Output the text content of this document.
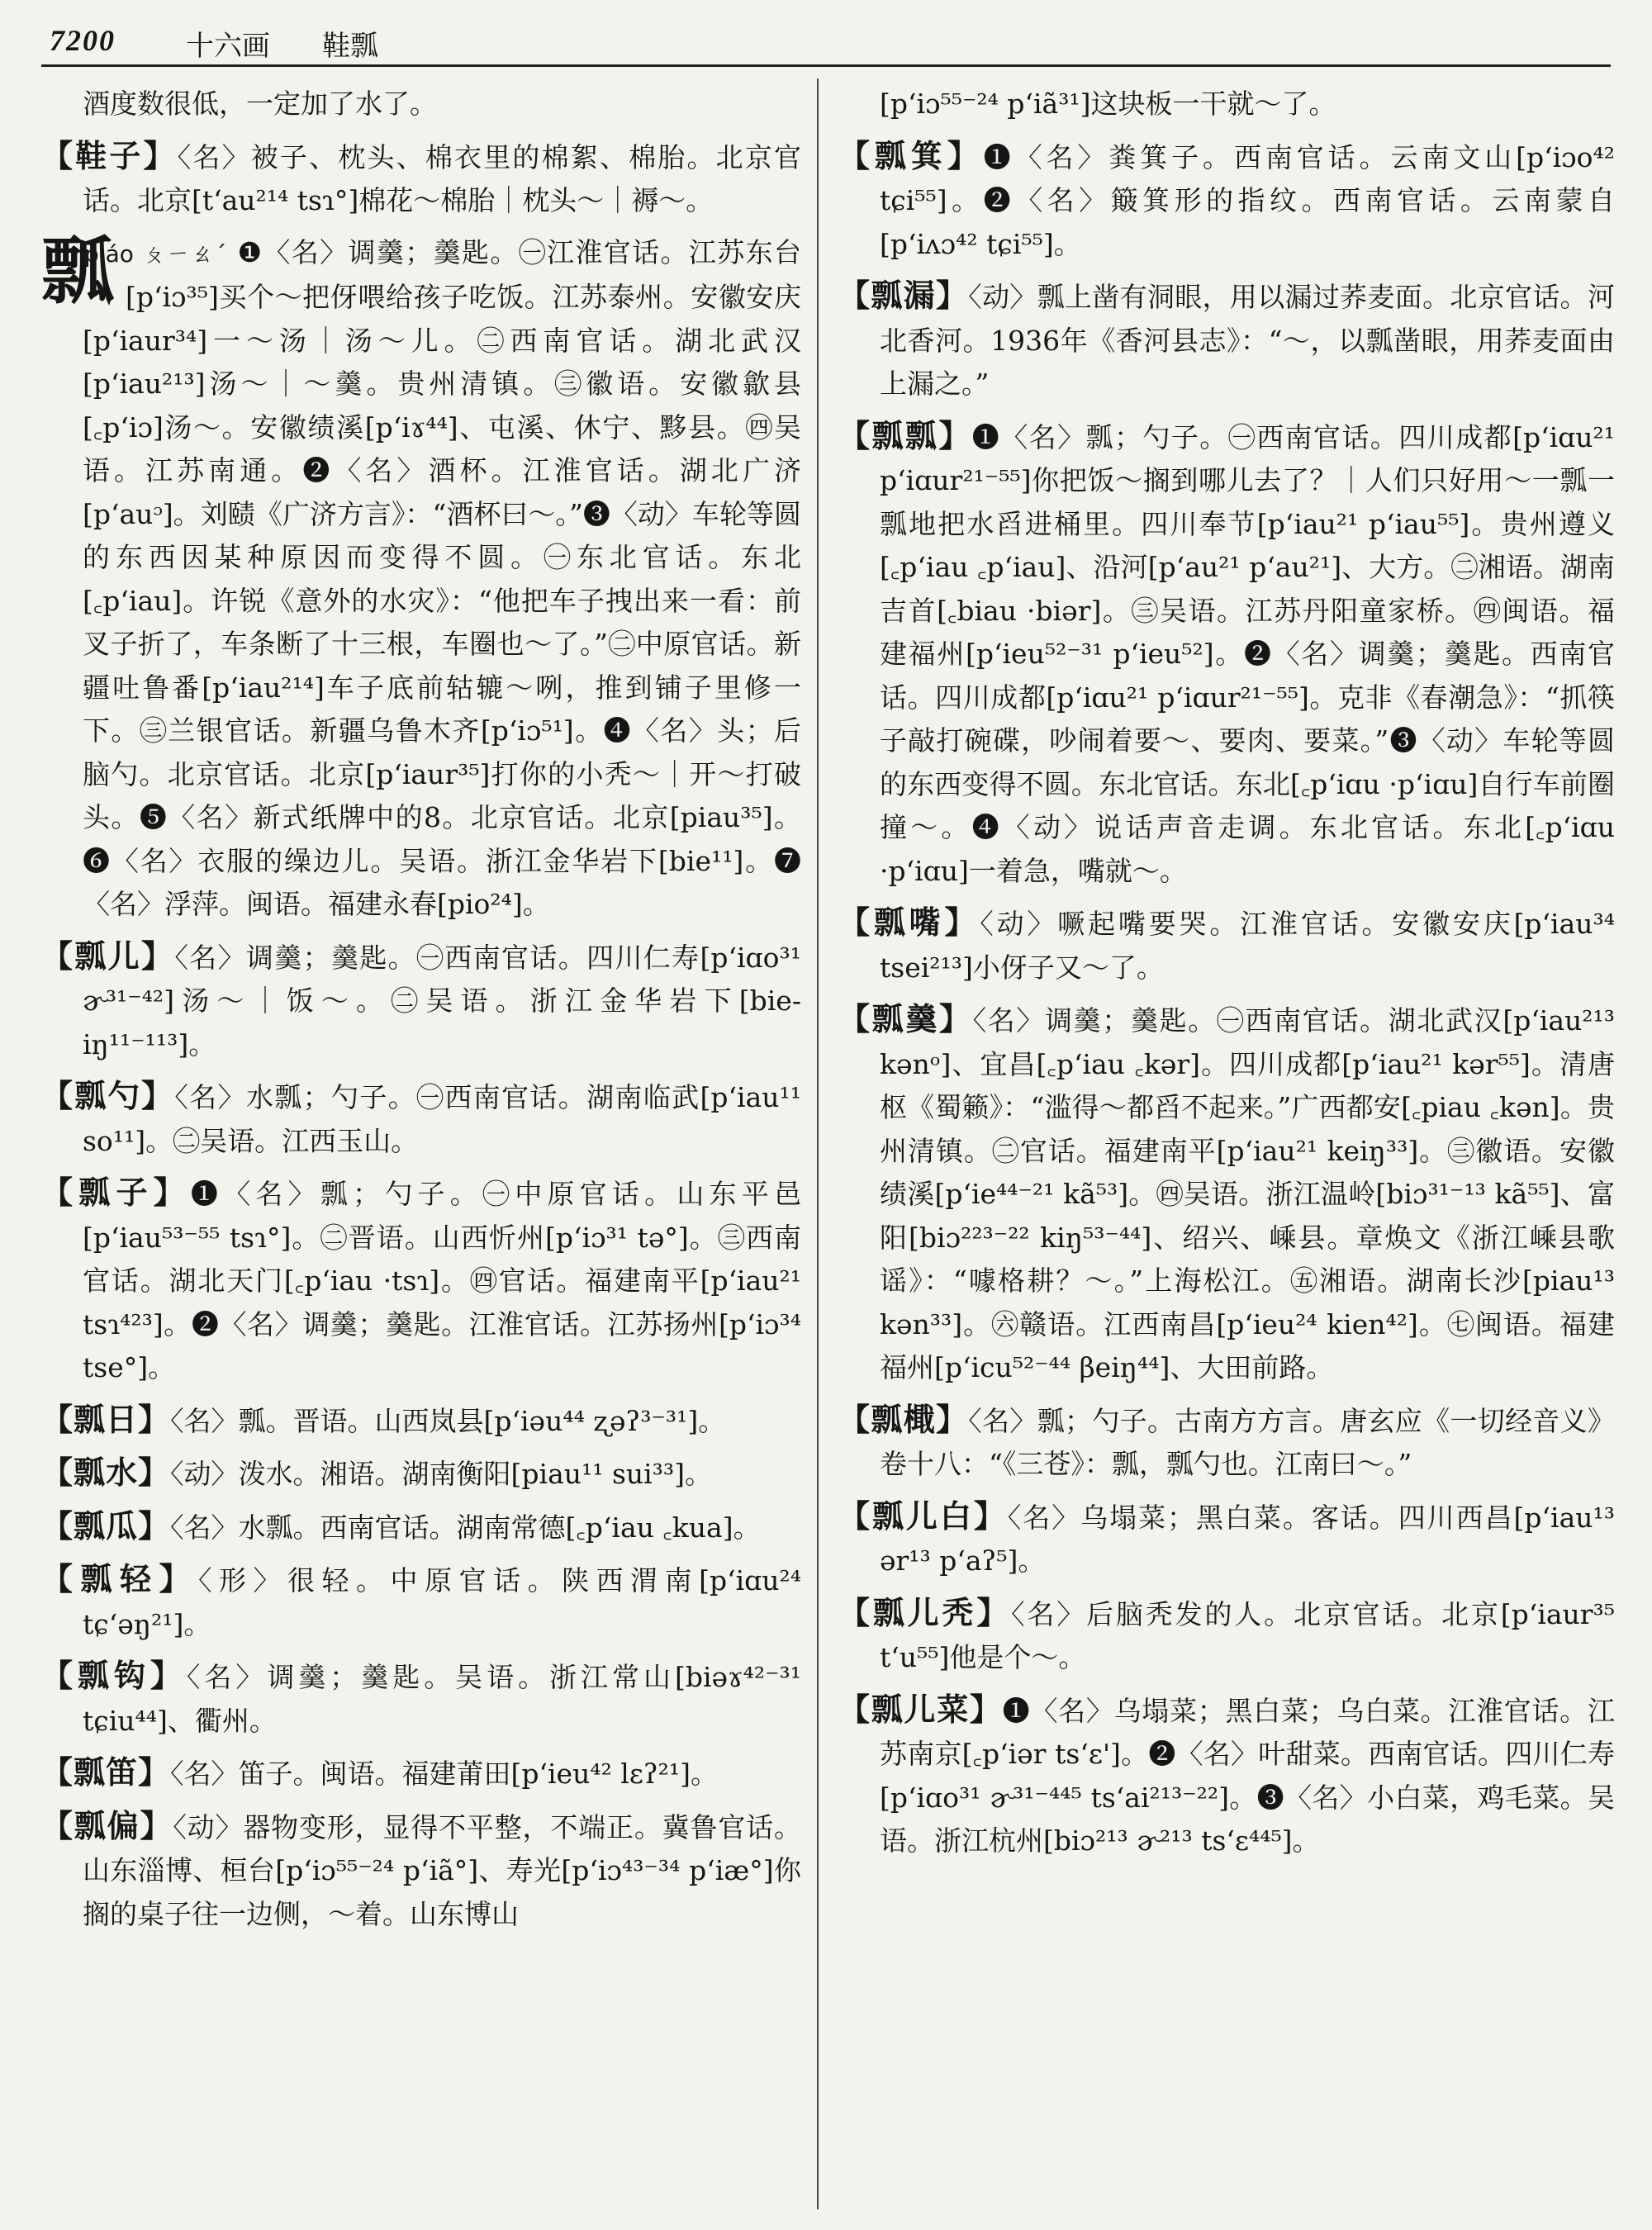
7200	十六画 鞋瓢

酒度数很低，一定加了水了。

【鞋子】〈名〉被子、枕头、棉衣里的棉絮、棉胎。北京官话。北京[tʻau²¹⁴ tsɿ°]棉花～棉胎｜枕头～｜褥～。

瓢
piáo ㄆㄧㄠˊ ❶〈名〉调羹；羹匙。㊀江淮官话。江苏东台[pʻiɔ³⁵]买个～把伢喂给孩子吃饭。江苏泰州。安徽安庆[pʻiaur³⁴]一～汤｜汤～儿。㊁西南官话。湖北武汉[pʻiau²¹³]汤～｜～羹。贵州清镇。㊂徽语。安徽歙县[꜀pʻiɔ]汤～。安徽绩溪[pʻiɤ⁴⁴]、屯溪、休宁、黟县。㊃吴语。江苏南通。❷〈名〉酒杯。江淮官话。湖北广济[pʻauᵓ]。刘赜《广济方言》：“酒杯曰～。”❸〈动〉车轮等圆的东西因某种原因而变得不圆。㊀东北官话。东北[꜀pʻiau]。许锐《意外的水灾》：“他把车子拽出来一看：前叉子折了，车条断了十三根，车圈也～了。”㊁中原官话。新疆吐鲁番[pʻiau²¹⁴]车子底前轱辘～咧，推到铺子里修一下。㊂兰银官话。新疆乌鲁木齐[pʻiɔ⁵¹]。❹〈名〉头；后脑勺。北京官话。北京[pʻiaur³⁵]打你的小秃～｜开～打破头。❺〈名〉新式纸牌中的8。北京官话。北京[piau³⁵]。❻〈名〉衣服的缲边儿。吴语。浙江金华岩下[bie¹¹]。❼〈名〉浮萍。闽语。福建永春[pio²⁴]。

【瓢儿】〈名〉调羹；羹匙。㊀西南官话。四川仁寿[pʻiɑo³¹ ɚ³¹⁻⁴²]汤～｜饭～。㊁吴语。浙江金华岩下[bie-iŋ¹¹⁻¹¹³]。

【瓢勺】〈名〉水瓢；勺子。㊀西南官话。湖南临武[pʻiau¹¹ so¹¹]。㊁吴语。江西玉山。

【瓢子】❶〈名〉瓢；勺子。㊀中原官话。山东平邑[pʻiau⁵³⁻⁵⁵ tsɿ°]。㊁晋语。山西忻州[pʻiɔ³¹ tə°]。㊂西南官话。湖北天门[꜀pʻiau ·tsɿ]。㊃官话。福建南平[pʻiau²¹ tsɿ⁴²³]。❷〈名〉调羹；羹匙。江淮官话。江苏扬州[pʻiɔ³⁴ tse°]。

【瓢日】〈名〉瓢。晋语。山西岚县[pʻiəu⁴⁴ ʐəʔ³⁻³¹]。

【瓢水】〈动〉泼水。湘语。湖南衡阳[piau¹¹ sui³³]。

【瓢瓜】〈名〉水瓢。西南官话。湖南常德[꜀pʻiau ꜀kua]。

【瓢轻】〈形〉很轻。中原官话。陕西渭南[pʻiɑu²⁴ tɕʻəŋ²¹]。

【瓢钩】〈名〉调羹；羹匙。吴语。浙江常山[biəɤ⁴²⁻³¹ tɕiu⁴⁴]、衢州。

【瓢笛】〈名〉笛子。闽语。福建莆田[pʻieu⁴² lɛʔ²¹]。

【瓢偏】〈动〉器物变形，显得不平整，不端正。冀鲁官话。山东淄博、桓台[pʻiɔ⁵⁵⁻²⁴ pʻiã°]、寿光[pʻiɔ⁴³⁻³⁴ pʻiæ°]你搁的桌子往一边侧，～着。山东博山

[pʻiɔ⁵⁵⁻²⁴ pʻiã³¹]这块板一干就～了。

【瓢箕】❶〈名〉粪箕子。西南官话。云南文山[pʻiɔo⁴² tɕi⁵⁵]。❷〈名〉簸箕形的指纹。西南官话。云南蒙自[pʻiʌɔ⁴² tɕi⁵⁵]。

【瓢漏】〈动〉瓢上凿有洞眼，用以漏过荞麦面。北京官话。河北香河。1936年《香河县志》：“～，以瓢凿眼，用荞麦面由上漏之。”

【瓢瓢】❶〈名〉瓢；勺子。㊀西南官话。四川成都[pʻiɑu²¹ pʻiɑur²¹⁻⁵⁵]你把饭～搁到哪儿去了？｜人们只好用～一瓢一瓢地把水舀进桶里。四川奉节[pʻiau²¹ pʻiau⁵⁵]。贵州遵义[꜀pʻiau ꜀pʻiau]、沿河[pʻau²¹ pʻau²¹]、大方。㊁湘语。湖南吉首[꜀biau ·biər]。㊂吴语。江苏丹阳童家桥。㊃闽语。福建福州[pʻieu⁵²⁻³¹ pʻieu⁵²]。❷〈名〉调羹；羹匙。西南官话。四川成都[pʻiɑu²¹ pʻiɑur²¹⁻⁵⁵]。克非《春潮急》：“抓筷子敲打碗碟，吵闹着要～、要肉、要菜。”❸〈动〉车轮等圆的东西变得不圆。东北官话。东北[꜀pʻiɑu ·pʻiɑu]自行车前圈撞～。❹〈动〉说话声音走调。东北官话。东北[꜀pʻiɑu ·pʻiɑu]一着急，嘴就～。

【瓢嘴】〈动〉噘起嘴要哭。江淮官话。安徽安庆[pʻiau³⁴ tsei²¹³]小伢子又～了。

【瓢羹】〈名〉调羹；羹匙。㊀西南官话。湖北武汉[pʻiau²¹³ kənᵒ]、宜昌[꜀pʻiau ꜀kər]。四川成都[pʻiau²¹ kər⁵⁵]。清唐枢《蜀籁》：“滥得～都舀不起来。”广西都安[꜀piau ꜀kən]。贵州清镇。㊁官话。福建南平[pʻiau²¹ keiŋ³³]。㊂徽语。安徽绩溪[pʻie⁴⁴⁻²¹ kã⁵³]。㊃吴语。浙江温岭[biɔ³¹⁻¹³ kã⁵⁵]、富阳[biɔ²²³⁻²² kiŋ⁵³⁻⁴⁴]、绍兴、嵊县。章焕文《浙江嵊县歌谣》：“噱格耕？～。”上海松江。㊄湘语。湖南长沙[piau¹³ kən³³]。㊅赣语。江西南昌[pʻieu²⁴ kien⁴²]。㊆闽语。福建福州[pʻicu⁵²⁻⁴⁴ βeiŋ⁴⁴]、大田前路。

【瓢檝】〈名〉瓢；勺子。古南方方言。唐玄应《一切经音义》卷十八：“《三苍》：瓢，瓢勺也。江南曰～。”

【瓢儿白】〈名〉乌塌菜；黑白菜。客话。四川西昌[pʻiau¹³ ər¹³ pʻaʔ⁵]。

【瓢儿秃】〈名〉后脑秃发的人。北京官话。北京[pʻiaur³⁵ tʻu⁵⁵]他是个～。

【瓢儿菜】❶〈名〉乌塌菜；黑白菜；乌白菜。江淮官话。江苏南京[꜀pʻiər tsʻɛ']。❷〈名〉叶甜菜。西南官话。四川仁寿[pʻiɑo³¹ ɚ³¹⁻⁴⁴⁵ tsʻai²¹³⁻²²]。❸〈名〉小白菜，鸡毛菜。吴语。浙江杭州[biɔ²¹³ ɚ²¹³ tsʻɛ⁴⁴⁵]。
